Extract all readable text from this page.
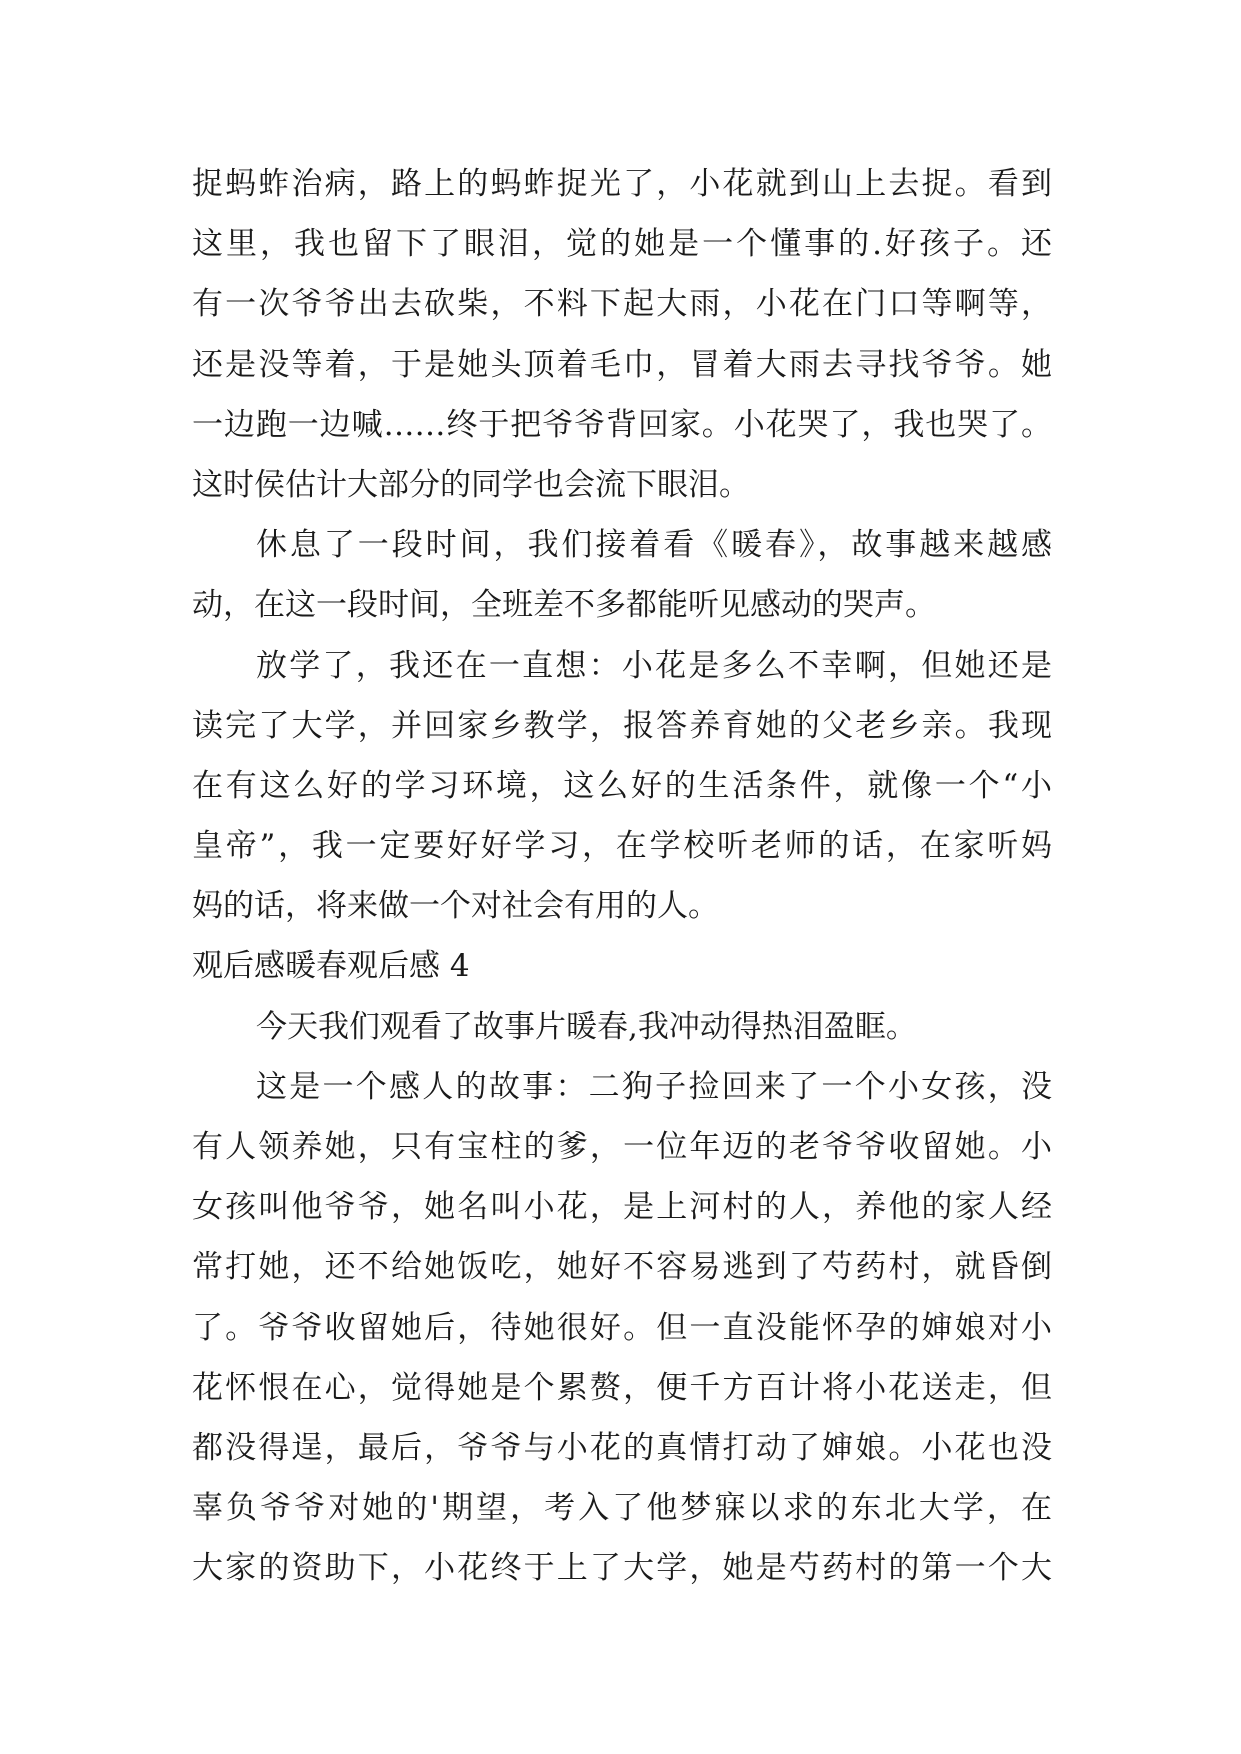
捉蚂蚱治病，路上的蚂蚱捉光了，小花就到山上去捉。看到
这里，我也留下了眼泪，觉的她是一个懂事的.好孩子。还
有一次爷爷出去砍柴，不料下起大雨，小花在门口等啊等，
还是没等着，于是她头顶着毛巾，冒着大雨去寻找爷爷。她
一边跑一边喊……终于把爷爷背回家。小花哭了，我也哭了。
这时侯估计大部分的同学也会流下眼泪。
休息了一段时间，我们接着看《暖春》，故事越来越感
动，在这一段时间，全班差不多都能听见感动的哭声。
放学了，我还在一直想：小花是多么不幸啊，但她还是
读完了大学，并回家乡教学，报答养育她的父老乡亲。我现
在有这么好的学习环境，这么好的生活条件，就像一个“小
皇帝”，我一定要好好学习，在学校听老师的话，在家听妈
妈的话，将来做一个对社会有用的人。
观后感暖春观后感 4
今天我们观看了故事片暖春,我冲动得热泪盈眶。
这是一个感人的故事：二狗子捡回来了一个小女孩，没
有人领养她，只有宝柱的爹，一位年迈的老爷爷收留她。小
女孩叫他爷爷，她名叫小花，是上河村的人，养他的家人经
常打她，还不给她饭吃，她好不容易逃到了芍药村，就昏倒
了。爷爷收留她后，待她很好。但一直没能怀孕的婶娘对小
花怀恨在心，觉得她是个累赘，便千方百计将小花送走，但
都没得逞，最后，爷爷与小花的真情打动了婶娘。小花也没
辜负爷爷对她的'期望，考入了他梦寐以求的东北大学，在
大家的资助下，小花终于上了大学，她是芍药村的第一个大
